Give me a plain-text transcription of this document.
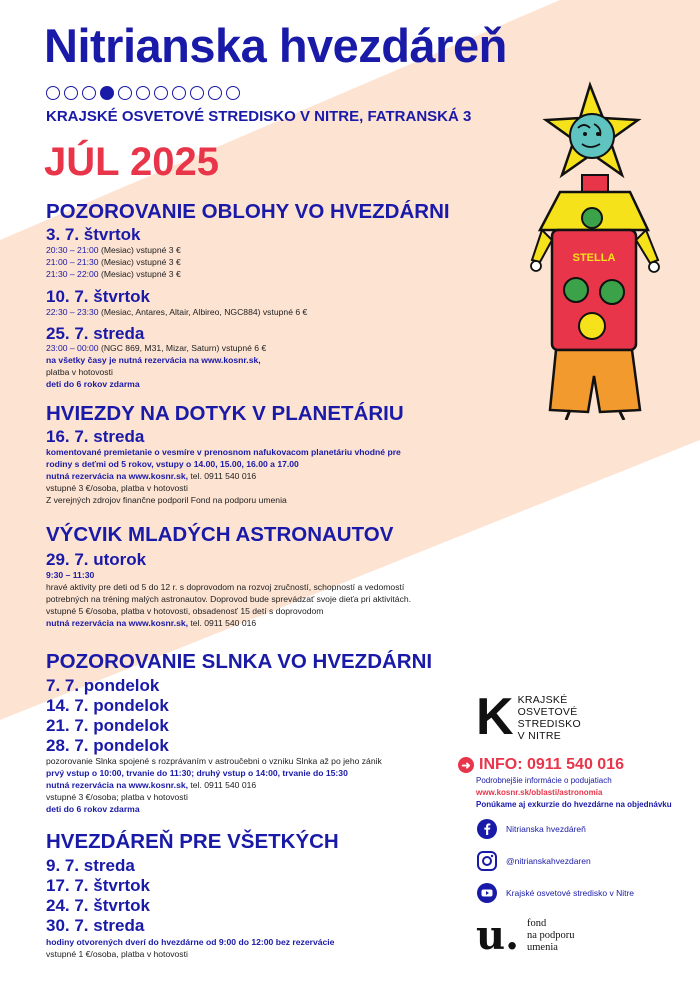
Nitrianska hvezdáreň
KRAJSKÉ OSVETOVÉ STREDISKO V NITRE, FATRANSKÁ 3
JÚL 2025
STELLA
POZOROVANIE OBLOHY VO HVEZDÁRNI
3. 7. štvrtok
20:30 – 21:00 (Mesiac) vstupné 3 €
21:00 – 21:30 (Mesiac) vstupné 3 €
21:30 – 22:00 (Mesiac) vstupné 3 €
10. 7. štvrtok
22:30 – 23:30 (Mesiac, Antares, Altair, Albireo, NGC884) vstupné 6 €
25. 7. streda
23:00 – 00:00 (NGC 869, M31, Mizar, Saturn) vstupné 6 €
na všetky časy je nutná rezervácia na www.kosnr.sk,
platba v hotovosti
deti do 6 rokov zdarma
HVIEZDY NA DOTYK V PLANETÁRIU
16. 7. streda
komentované premietanie o vesmíre v prenosnom nafukovacom planetáriu vhodné pre
rodiny s deťmi od 5 rokov, vstupy o 14.00, 15.00, 16.00 a 17.00
nutná rezervácia na www.kosnr.sk, tel. 0911 540 016
vstupné 3 €/osoba, platba v hotovosti
Z verejných zdrojov finančne podporil Fond na podporu umenia
VÝCVIK MLADÝCH ASTRONAUTOV
29. 7. utorok
9:30 – 11:30
hravé aktivity pre deti od 5 do 12 r. s doprovodom na rozvoj zručností, schopností a vedomostí
potrebných na tréning malých astronautov. Doprovod bude sprevádzať svoje dieťa pri aktivitách.
vstupné 5 €/osoba, platba v hotovosti, obsadenosť 15 detí s doprovodom
nutná rezervácia na www.kosnr.sk, tel. 0911 540 016
POZOROVANIE SLNKA VO HVEZDÁRNI
7. 7. pondelok
14. 7. pondelok
21. 7. pondelok
28. 7. pondelok
pozorovanie Slnka spojené s rozprávaním v astroučebni o vzniku Slnka až po jeho zánik
prvý vstup o 10:00, trvanie do 11:30; druhý vstup o 14:00, trvanie do 15:30
nutná rezervácia na www.kosnr.sk, tel. 0911 540 016
vstupné 3 €/osoba; platba v hotovosti
deti do 6 rokov zdarma
HVEZDÁREŇ PRE VŠETKÝCH
9. 7. streda
17. 7. štvrtok
24. 7. štvrtok
30. 7. streda
hodiny otvorených dverí do hvezdárne od 9:00 do 12:00 bez rezervácie
vstupné 1 €/osoba, platba v hotovosti
K KRAJSKÉ
OSVETOVÉ
STREDISKO
V NITRE
➜ INFO: 0911 540 016
Podrobnejšie informácie o podujatiach
www.kosnr.sk/oblasti/astronomia
Ponúkame aj exkurzie do hvezdárne na objednávku
Nitrianska hvezdáreň
@nitrianskahvezdaren
Krajské osvetové stredisko v Nitre
u. fond
na podporu
umenia
